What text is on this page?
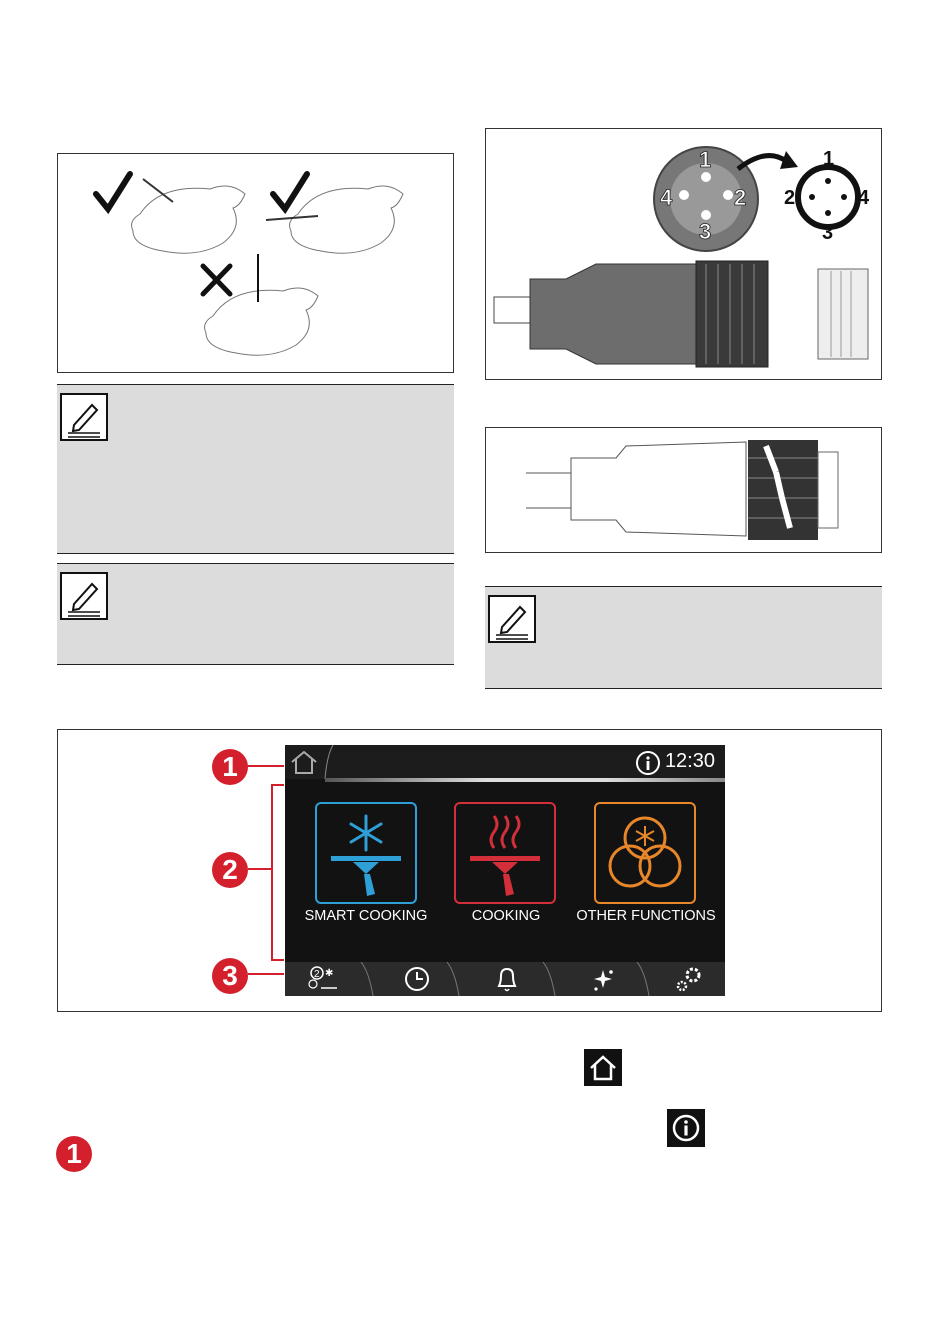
1
2
3
4
1
2
3
4
1
2
3
12:30
SMART COOKING	COOKING	OTHER FUNCTIONS
2 ✱
1
